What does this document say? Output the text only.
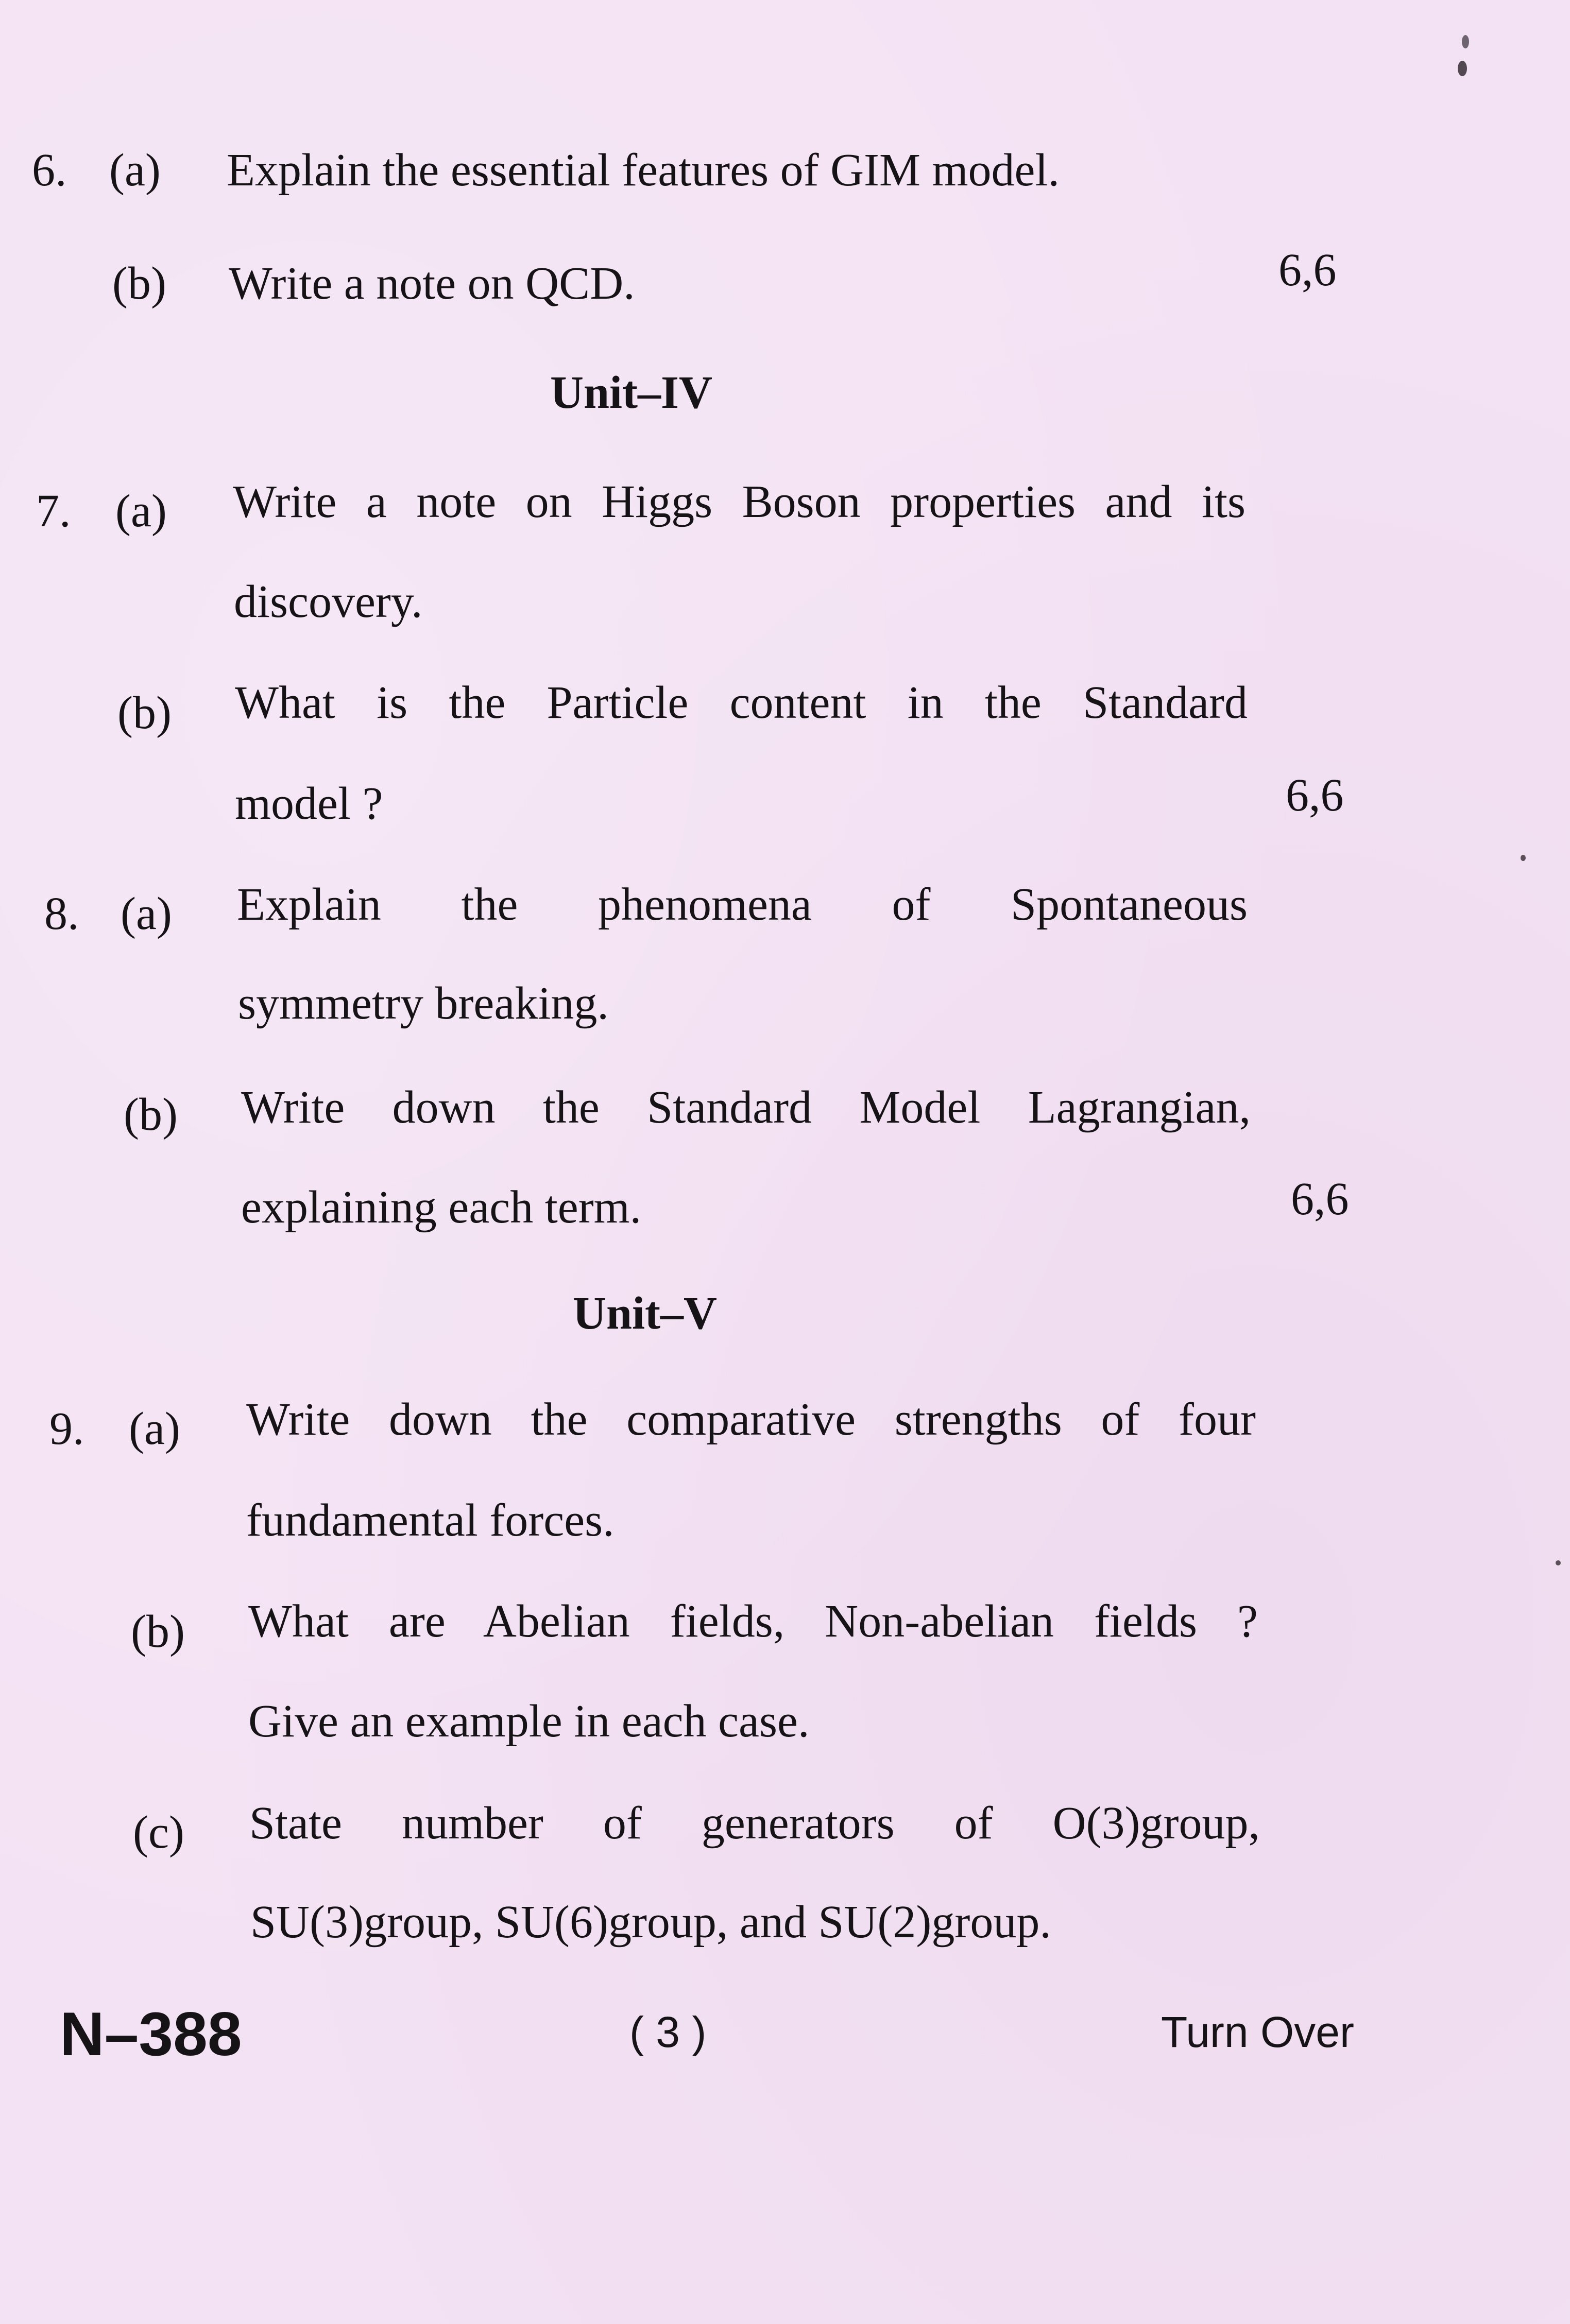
6. (a) Explain the essential features of GIM model.
(b) Write a note on QCD.	6,6
Unit–IV
7. (a) Write a note on Higgs Boson properties and its
discovery.
(b) What is the Particle content in the Standard
model ?	6,6
8. (a) Explain the phenomena of Spontaneous
symmetry breaking.
(b) Write down the Standard Model Lagrangian,
explaining each term.	6,6
Unit–V
9. (a) Write down the comparative strengths of four
fundamental forces.
(b) What are Abelian fields, Non-abelian fields ?
Give an example in each case.
(c) State number of generators of O(3)group,
SU(3)group, SU(6)group, and SU(2)group.
N–388	( 3 )	Turn Over
